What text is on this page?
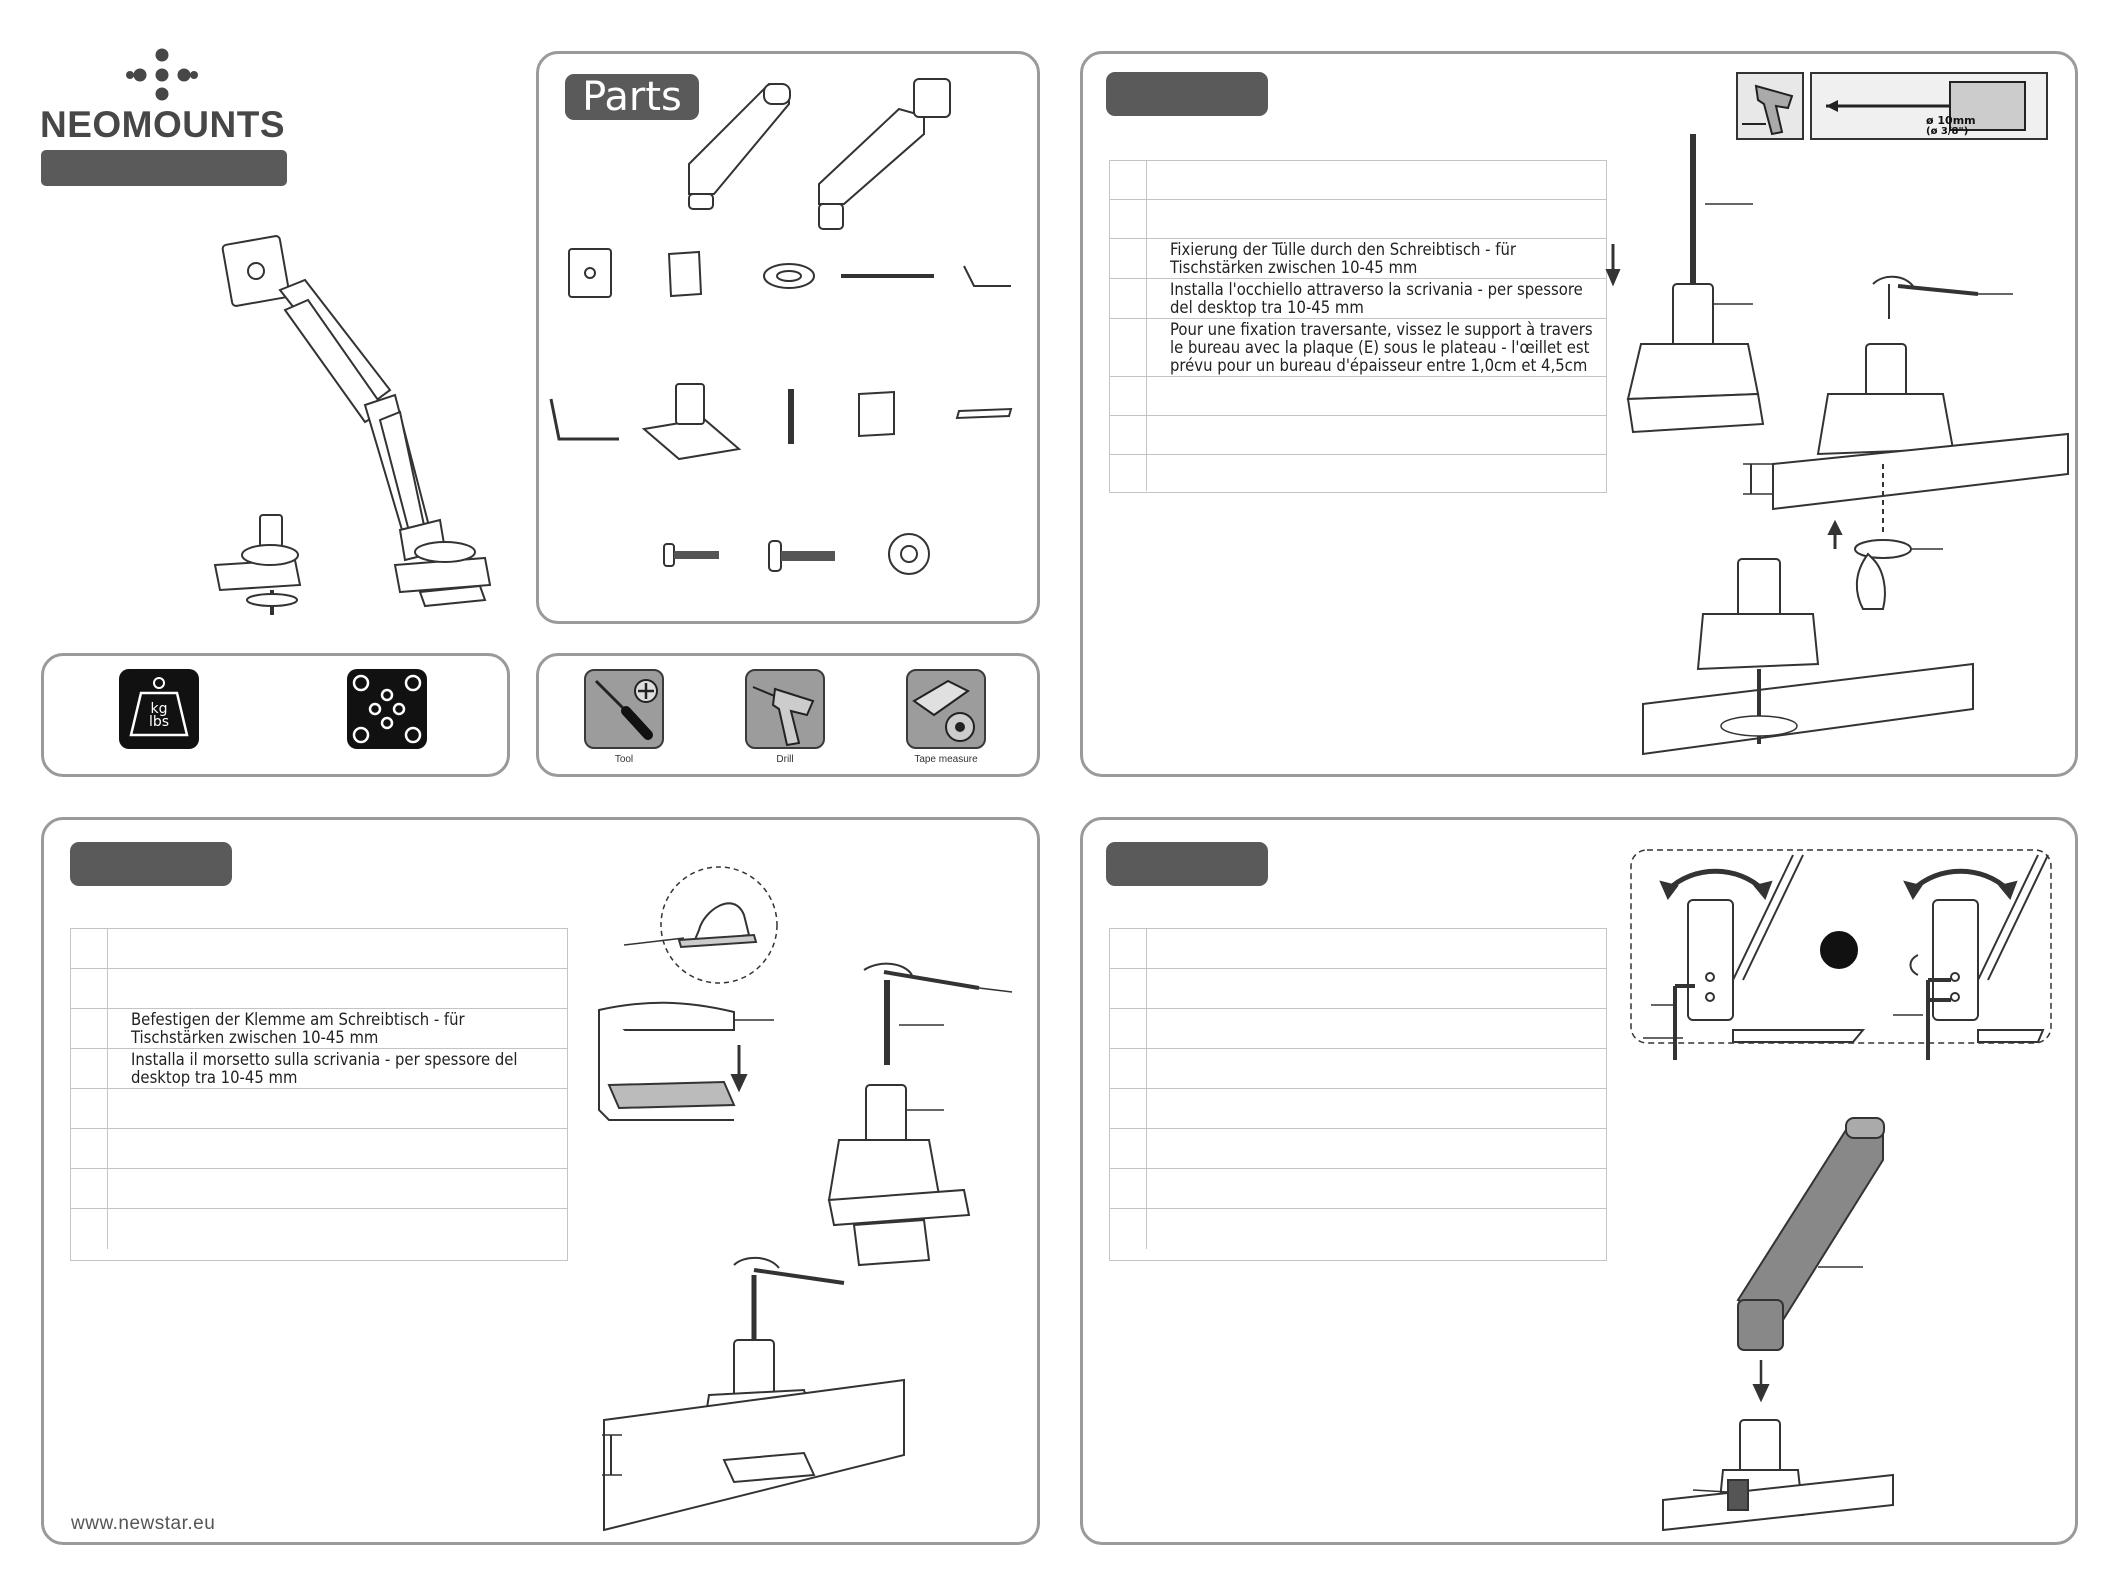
NEOMOUNTS
Parts
kg
lbs
Tool	Drill	Tape measure
Fixierung der Tülle durch den Schreibtisch - für Tischstärken zwischen 10-45 mm
Installa l'occhiello attraverso la scrivania - per spessore del desktop tra 10-45 mm
Pour une fixation traversante, vissez le support à travers le bureau avec la plaque (E) sous le plateau - l'œillet est prévu pour un bureau d'épaisseur entre 1,0cm et 4,5cm
ø 10mm
(ø 3/8")
Befestigen der Klemme am Schreibtisch - für Tischstärken zwischen 10-45 mm
Installa il morsetto sulla scrivania - per spessore del desktop tra 10-45 mm
www.newstar.eu
